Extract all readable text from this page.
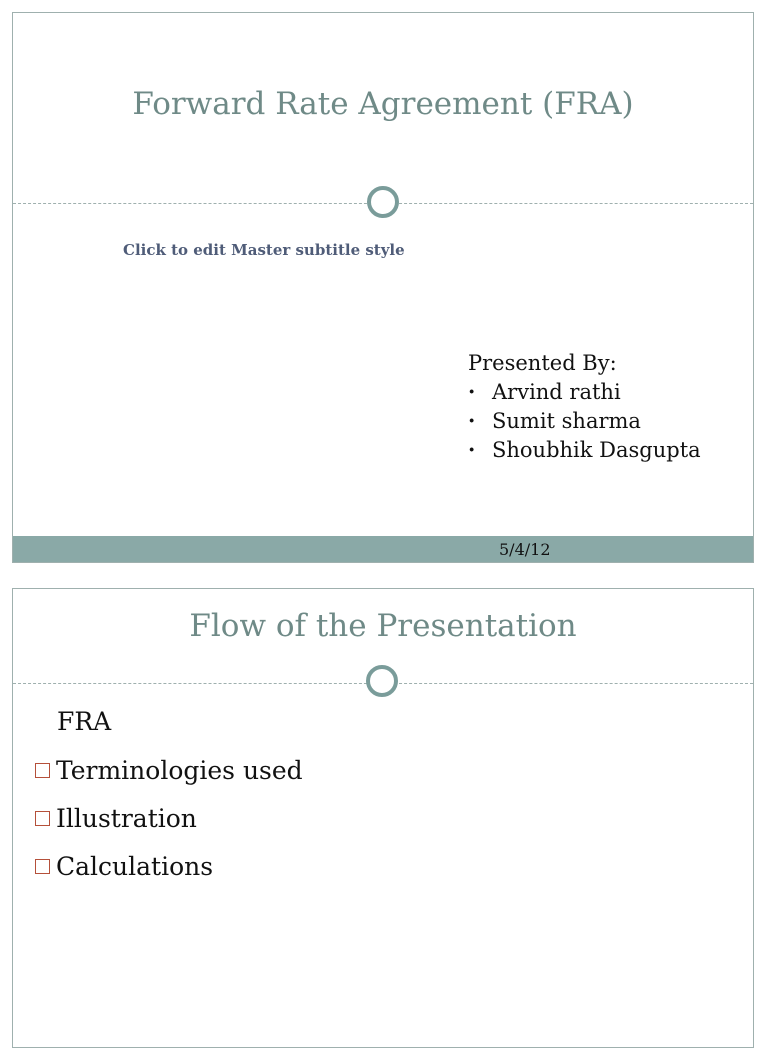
Forward Rate Agreement (FRA)
Click to edit Master subtitle style
Presented By:
· Arvind rathi
· Sumit sharma
· Shoubhik Dasgupta
5/4/12
Flow of the Presentation
FRA
Terminologies used
Illustration
Calculations
